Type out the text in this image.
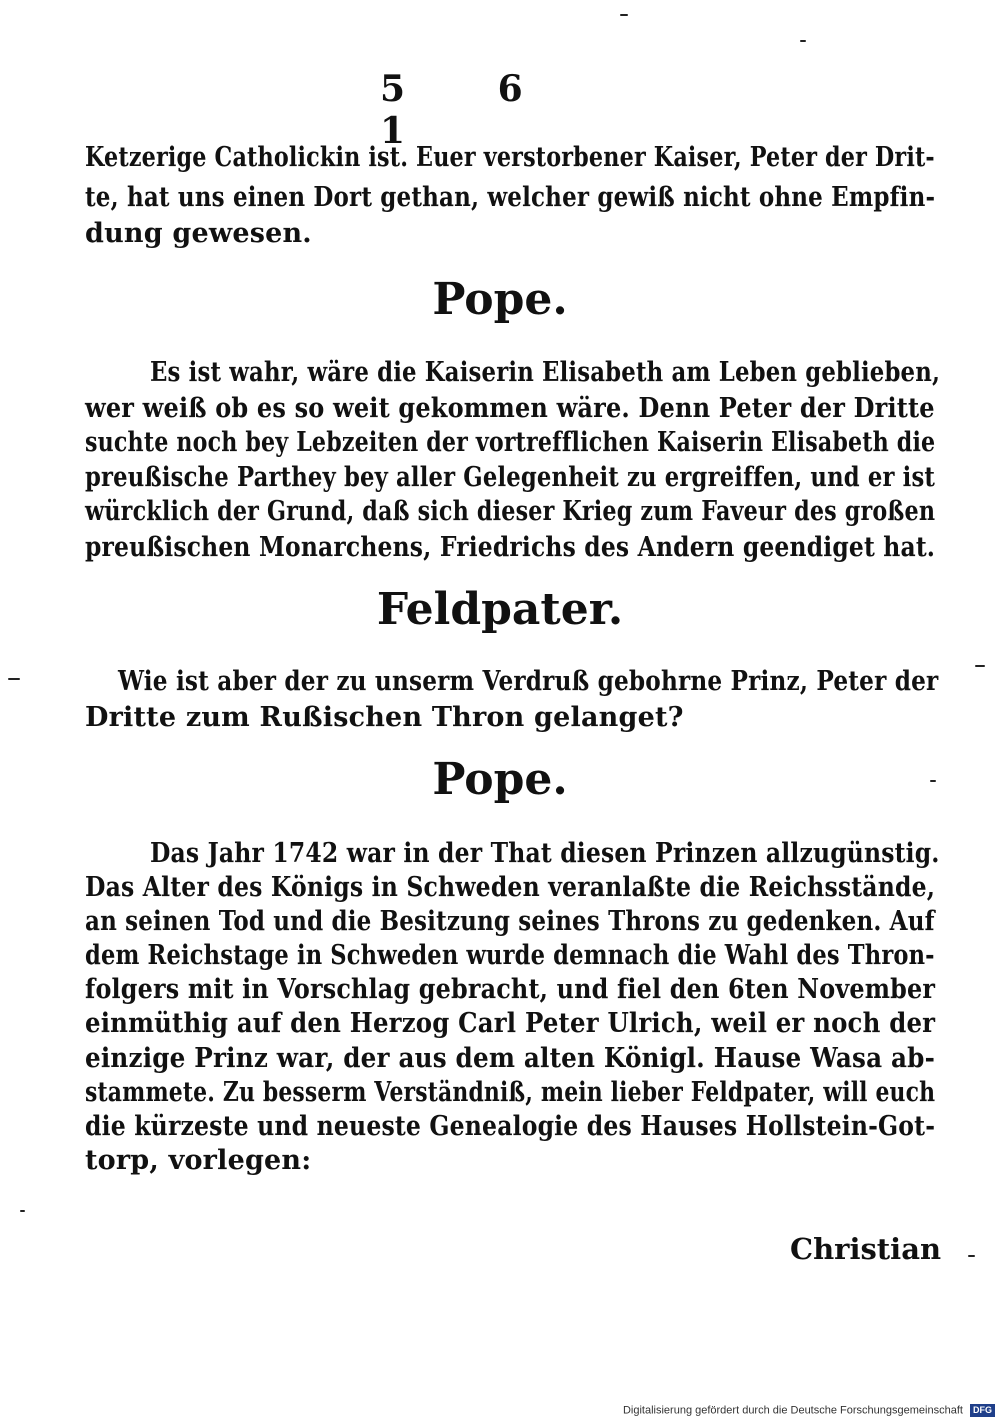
5 6 1
Ketzerige Catholickin ist. Euer verstorbener Kaiser, Peter der Drit-
te, hat uns einen Dort gethan, welcher gewiß nicht ohne Empfin-
dung gewesen.
Pope.
Es ist wahr, wäre die Kaiserin Elisabeth am Leben geblieben,
wer weiß ob es so weit gekommen wäre. Denn Peter der Dritte
suchte noch bey Lebzeiten der vortrefflichen Kaiserin Elisabeth die
preußische Parthey bey aller Gelegenheit zu ergreiffen, und er ist
würcklich der Grund, daß sich dieser Krieg zum Faveur des großen
preußischen Monarchens, Friedrichs des Andern geendiget hat.
Feldpater.
Wie ist aber der zu unserm Verdruß gebohrne Prinz, Peter der
Dritte zum Rußischen Thron gelanget?
Pope.
Das Jahr 1742 war in der That diesen Prinzen allzugünstig.
Das Alter des Königs in Schweden veranlaßte die Reichsstände,
an seinen Tod und die Besitzung seines Throns zu gedenken. Auf
dem Reichstage in Schweden wurde demnach die Wahl des Thron-
folgers mit in Vorschlag gebracht, und fiel den 6ten November
einmüthig auf den Herzog Carl Peter Ulrich, weil er noch der
einzige Prinz war, der aus dem alten Königl. Hause Wasa ab-
stammete. Zu besserm Verständniß, mein lieber Feldpater, will euch
die kürzeste und neueste Genealogie des Hauses Hollstein-Got-
torp, vorlegen:
Christian
Digitalisierung gefördert durch die Deutsche Forschungsgemeinschaft DFG
